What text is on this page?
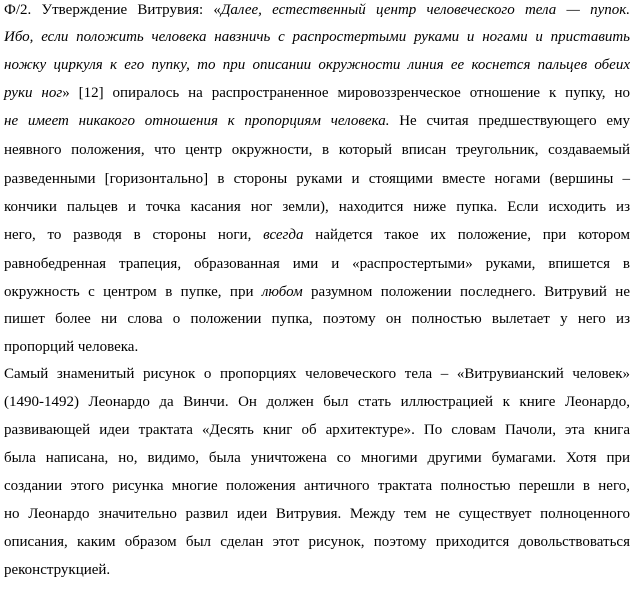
Ф/2. Утверждение Витрувия: «Далее, естественный центр человеческого тела — пупок.
Ибо, если положить человека навзничь с распростертыми руками и ногами и приставить
ножку циркуля к его пупку, то при описании окружности линия ее коснется пальцев обеих
руки ног» [12] опиралось на распространенное мировоззренческое отношение к пупку, но
не имеет никакого отношения к пропорциям человека. Не считая предшествующего ему
неявного положения, что центр окружности, в который вписан треугольник, создаваемый
разведенными [горизонтально] в стороны руками и стоящими вместе ногами (вершины –
кончики пальцев и точка касания ног земли), находится ниже пупка. Если исходить из
него, то разводя в стороны ноги, всегда найдется такое их положение, при котором
равнобедренная трапеция, образованная ими и «распростертыми» руками, впишется в
окружность с центром в пупке, при любом разумном положении последнего. Витрувий не
пишет более ни слова о положении пупка, поэтому он полностью вылетает у него из
пропорций человека.
Самый знаменитый рисунок о пропорциях человеческого тела – «Витрувианский человек»
(1490-1492) Леонардо да Винчи. Он должен был стать иллюстрацией к книге Леонардо,
развивающей идеи трактата «Десять книг об архитектуре». По словам Пачоли, эта книга
была написана, но, видимо, была уничтожена со многими другими бумагами. Хотя при
создании этого рисунка многие положения античного трактата полностью перешли в него,
но Леонардо значительно развил идеи Витрувия. Между тем не существует полноценного
описания, каким образом был сделан этот рисунок, поэтому приходится довольствоваться
реконструкцией.
